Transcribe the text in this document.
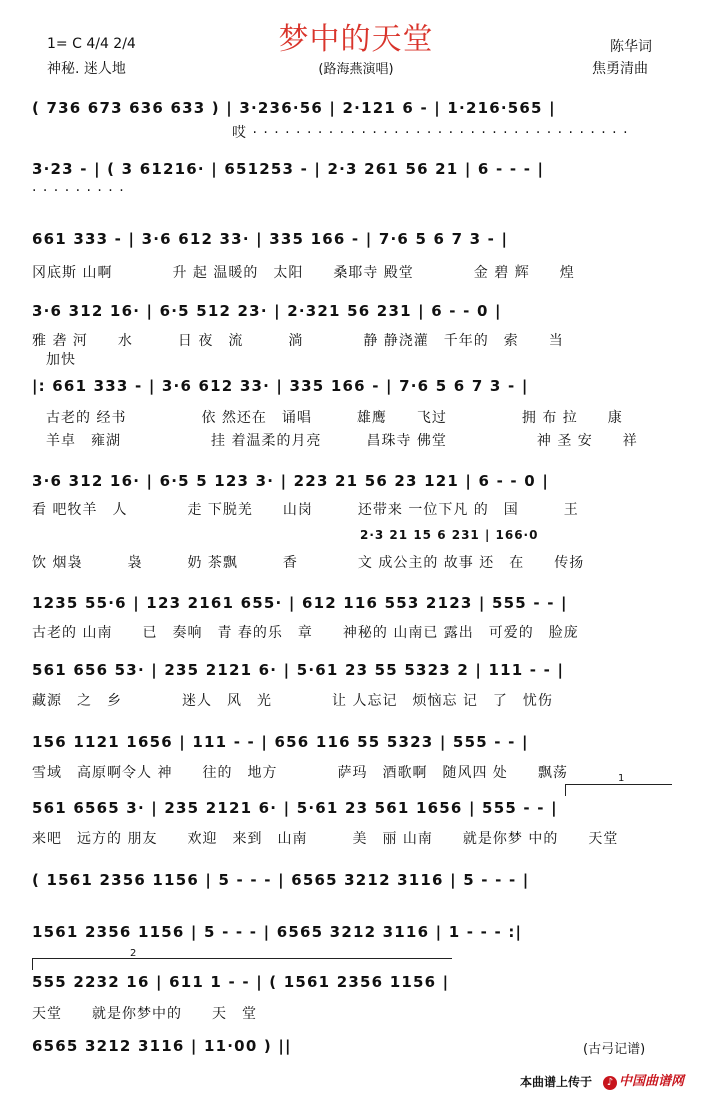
梦中的天堂
1= C 4/4 2/4
神秘. 迷人地	(路海燕演唱)
陈华词
焦勇清曲
( 736 673 636 633 ) | 3·236·56 | 2·121 6 - | 1·216·565 |
哎 · · · · · · · · · · · · · · · · · · · · · · · · · · · · · · · · · · ·
3·23 - | ( 3 61216· | 651253 - | 2·3 261 56 21 | 6 - - - |
· · · · · · · · ·
661 333 - | 3·6 612 33· | 335 166 - | 7·6 5 6 7 3 - |
冈底斯 山啊　　　　升 起 温暖的　太阳　　桑耶寺 殿堂　　　　金 碧 辉　　煌
3·6 312 16· | 6·5 512 23· | 2·321 56 231 | 6 - - 0 |
雅 砻 河　　水　　　日 夜　流　　　淌　　　　静 静浇灌　千年的　索　　当
加快
|: 661 333 - | 3·6 612 33· | 335 166 - | 7·6 5 6 7 3 - |
古老的 经书　　　　　依 然还在　诵唱　　　雄鹰　　飞过　　　　　拥 布 拉　　康
羊卓　雍湖　　　　　　挂 着温柔的月亮　　　昌珠寺 佛堂　　　　　　神 圣 安　　祥
3·6 312 16· | 6·5 5 123 3· | 223 21 56 23 121 | 6 - - 0 |
看 吧牧羊　人　　　　走 下脱羌　　山岗　　　还带来 一位下凡 的　国　　　王
2·3 21 15 6 231 | 166·0
饮 烟袅　　　袅　　　奶 茶飘　　　香　　　　文 成公主的 故事 还　在　　传扬
1235 55·6 | 123 2161 655· | 612 116 553 2123 | 555 - - |
古老的 山南　　已　奏响　青 春的乐　章　　神秘的 山南已 露出　可爱的　脸庞
561 656 53· | 235 2121 6· | 5·61 23 55 5323 2 | 111 - - |
藏源　之　乡　　　　迷人　风　光　　　　让 人忘记　烦恼忘 记　了　忧伤
156 1121 1656 | 111 - - | 656 116 55 5323 | 555 - - |
雪域　高原啊令人 神　　往的　地方　　　　萨玛　酒歌啊　随风四 处　　飘荡	1
561 6565 3· | 235 2121 6· | 5·61 23 561 1656 | 555 - - |
来吧　远方的 朋友　　欢迎　来到　山南　　　美　丽 山南　　就是你梦 中的　　天堂
( 1561 2356 1156 | 5 - - - | 6565 3212 3116 | 5 - - - |
1561 2356 1156 | 5 - - - | 6565 3212 3116 | 1 - - - :|
2
555 2232 16 | 611 1 - - | ( 1561 2356 1156 |
天堂　　就是你梦中的　　天　堂
6565 3212 3116 | 11·00 ) ||	(古弓记谱)
本曲谱上传于	♪ 中国曲谱网
